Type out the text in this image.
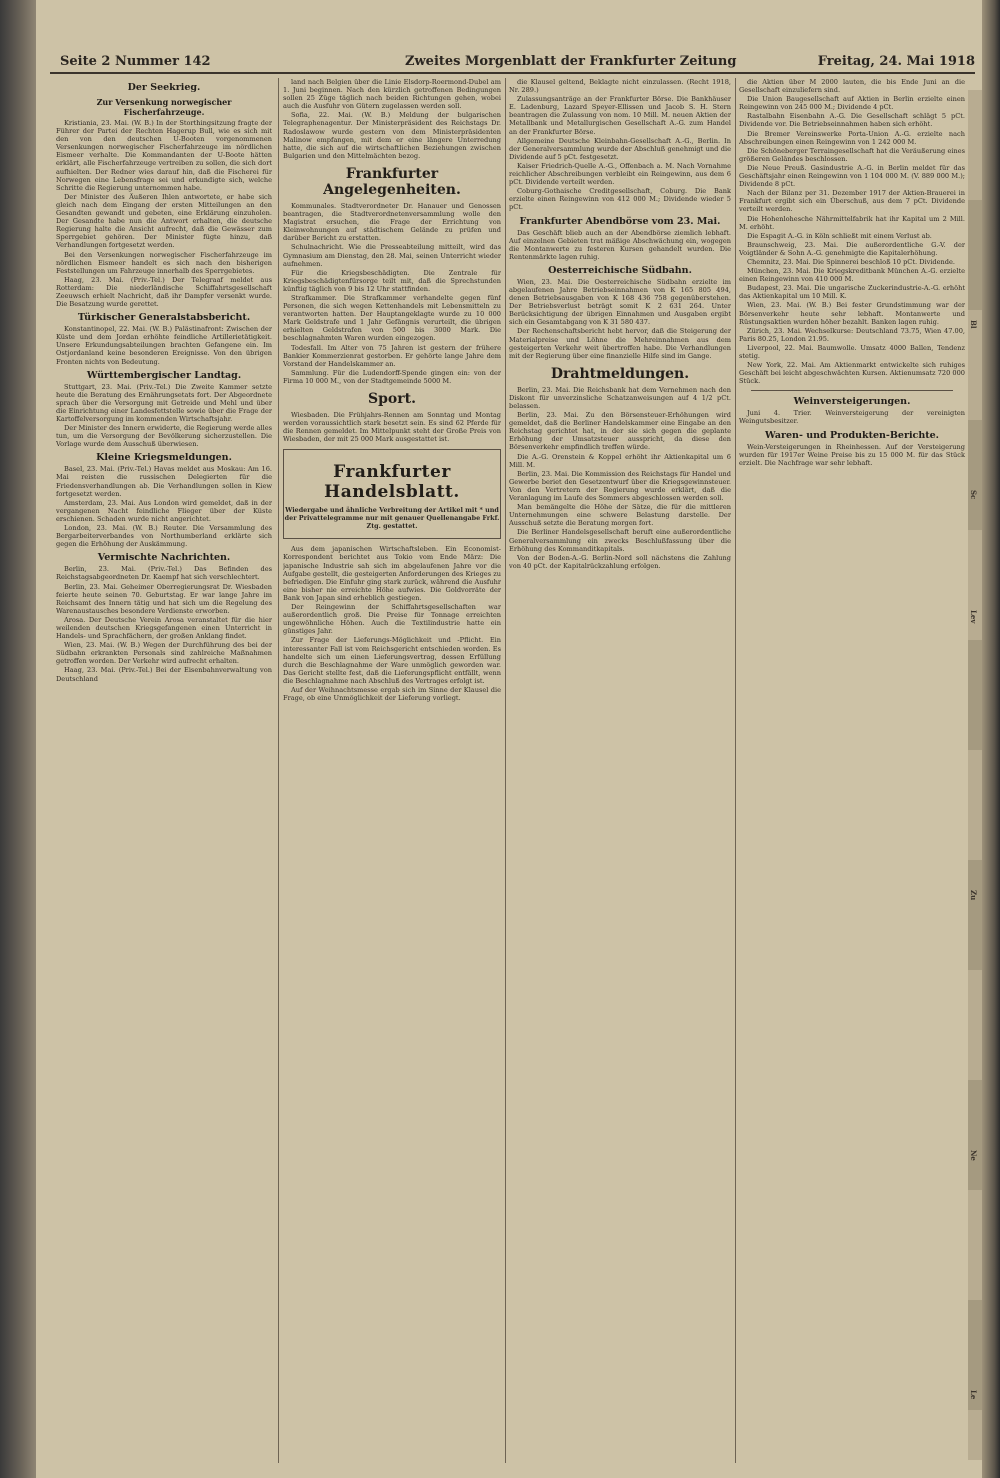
Seite 2 Nummer 142	Zweites Morgenblatt der Frankfurter Zeitung	Freitag, 24. Mai 1918
Der Seekrieg.
Zur Versenkung norwegischer Fischerfahrzeuge.

Kristiania, 23. Mai. (W. B.) In der Storthingsitzung fragte der Führer der Partei der Rechten Hagerup Bull, wie es sich mit den von den deutschen U-Booten vorgenommenen Versenkungen norwegischer Fischerfahrzeuge im nördlichen Eismeer verhalte. Die Kommandanten der U-Boote hätten erklärt, alle Fischerfahrzeuge vertreiben zu sollen, die sich dort aufhielten. Der Redner wies darauf hin, daß die Fischerei für Norwegen eine Lebensfrage sei und erkundigte sich, welche Schritte die Regierung unternommen habe.

Der Minister des Äußeren Ihlen antwortete, er habe sich gleich nach dem Eingang der ersten Mitteilungen an den Gesandten gewandt und gebeten, eine Erklärung einzuholen. Der Gesandte habe nun die Antwort erhalten, die deutsche Regierung halte die Ansicht aufrecht, daß die Gewässer zum Sperrgebiet gehören. Der Minister fügte hinzu, daß Verhandlungen fortgesetzt werden.

Bei den Versenkungen norwegischer Fischerfahrzeuge im nördlichen Eismeer handelt es sich nach den bisherigen Feststellungen um Fahrzeuge innerhalb des Sperrgebietes.

Haag, 23. Mai. (Priv.-Tel.) Der Telegraaf meldet aus Rotterdam: Die niederländische Schiffahrtsgesellschaft Zeeuwsch erhielt Nachricht, daß ihr Dampfer versenkt wurde. Die Besatzung wurde gerettet.

Türkischer Generalstabsbericht.

Konstantinopel, 22. Mai. (W. B.) Palästinafront: Zwischen der Küste und dem Jordan erhöhte feindliche Artillerietätigkeit. Unsere Erkundungsabteilungen brachten Gefangene ein. Im Ostjordanland keine besonderen Ereignisse. Von den übrigen Fronten nichts von Bedeutung.

Württembergischer Landtag.

Stuttgart, 23. Mai. (Priv.-Tel.) Die Zweite Kammer setzte heute die Beratung des Ernährungsetats fort. Der Abgeordnete sprach über die Versorgung mit Getreide und Mehl und über die Einrichtung einer Landesfettstelle sowie über die Frage der Kartoffelversorgung im kommenden Wirtschaftsjahr.

Der Minister des Innern erwiderte, die Regierung werde alles tun, um die Versorgung der Bevölkerung sicherzustellen. Die Vorlage wurde dem Ausschuß überwiesen.

Kleine Kriegsmeldungen.

Basel, 23. Mai. (Priv.-Tel.) Havas meldet aus Moskau: Am 16. Mai reisten die russischen Delegierten für die Friedensverhandlungen ab. Die Verhandlungen sollen in Kiew fortgesetzt werden.

Amsterdam, 23. Mai. Aus London wird gemeldet, daß in der vergangenen Nacht feindliche Flieger über der Küste erschienen. Schaden wurde nicht angerichtet.

London, 23. Mai. (W. B.) Reuter. Die Versammlung des Bergarbeiterverbandes von Northumberland erklärte sich gegen die Erhöhung der Auskämmung.

Vermischte Nachrichten.

Berlin, 23. Mai. (Priv.-Tel.) Das Befinden des Reichstagsabgeordneten Dr. Kaempf hat sich verschlechtert.

Berlin, 23. Mai. Geheimer Oberregierungsrat Dr. Wiesbaden feierte heute seinen 70. Geburtstag. Er war lange Jahre im Reichsamt des Innern tätig und hat sich um die Regelung des Warenaustausches besondere Verdienste erworben.

Arosa. Der Deutsche Verein Arosa veranstaltet für die hier weilenden deutschen Kriegsgefangenen einen Unterricht in Handels- und Sprachfächern, der großen Anklang findet.

Wien, 23. Mai. (W. B.) Wegen der Durchführung des bei der Südbahn erkrankten Personals sind zahlreiche Maßnahmen getroffen worden. Der Verkehr wird aufrecht erhalten.

Haag, 23. Mai. (Priv.-Tel.) Bei der Eisenbahnverwaltung von Deutschland

land nach Belgien über die Linie Elsdorp-Roermond-Dubel am 1. Juni beginnen. Nach den kürzlich getroffenen Bedingungen sollen 25 Züge täglich nach beiden Richtungen gehen, wobei auch die Ausfuhr von Gütern zugelassen werden soll.

Sofia, 22. Mai. (W. B.) Meldung der bulgarischen Telegraphenagentur. Der Ministerpräsident des Reichstags Dr. Radoslawow wurde gestern von dem Ministerpräsidenten Malinow empfangen, mit dem er eine längere Unterredung hatte, die sich auf die wirtschaftlichen Beziehungen zwischen Bulgarien und den Mittelmächten bezog.

Frankfurter Angelegenheiten.

Kommunales. Stadtverordneter Dr. Hanauer und Genossen beantragen, die Stadtverordnetenversammlung wolle den Magistrat ersuchen, die Frage der Errichtung von Kleinwohnungen auf städtischem Gelände zu prüfen und darüber Bericht zu erstatten.

Schulnachricht. Wie die Presseabteilung mitteilt, wird das Gymnasium am Dienstag, den 28. Mai, seinen Unterricht wieder aufnehmen.

Für die Kriegsbeschädigten. Die Zentrale für Kriegsbeschädigtenfürsorge teilt mit, daß die Sprechstunden künftig täglich von 9 bis 12 Uhr stattfinden.

Strafkammer. Die Strafkammer verhandelte gegen fünf Personen, die sich wegen Kettenhandels mit Lebensmitteln zu verantworten hatten. Der Hauptangeklagte wurde zu 10 000 Mark Geldstrafe und 1 Jahr Gefängnis verurteilt, die übrigen erhielten Geldstrafen von 500 bis 3000 Mark. Die beschlagnahmten Waren wurden eingezogen.

Todesfall. Im Alter von 75 Jahren ist gestern der frühere Bankier Kommerzienrat gestorben. Er gehörte lange Jahre dem Vorstand der Handelskammer an.

Sammlung. Für die Ludendorff-Spende gingen ein: von der Firma 10 000 M., von der Stadtgemeinde 5000 M.

Sport.

Wiesbaden. Die Frühjahrs-Rennen am Sonntag und Montag werden voraussichtlich stark besetzt sein. Es sind 62 Pferde für die Rennen gemeldet. Im Mittelpunkt steht der Große Preis von Wiesbaden, der mit 25 000 Mark ausgestattet ist.

Frankfurter Handelsblatt.
Wiedergabe und ähnliche Verbreitung der Artikel mit * und der Privattelegramme nur mit genauer Quellenangabe Frkf. Ztg. gestattet.

Aus dem japanischen Wirtschaftsleben. Ein Economist-Korrespondent berichtet aus Tokio vom Ende März: Die japanische Industrie sah sich im abgelaufenen Jahre vor die Aufgabe gestellt, die gesteigerten Anforderungen des Krieges zu befriedigen. Die Einfuhr ging stark zurück, während die Ausfuhr eine bisher nie erreichte Höhe aufwies. Die Goldvorräte der Bank von Japan sind erheblich gestiegen.

Der Reingewinn der Schiffahrtsgesellschaften war außerordentlich groß. Die Preise für Tonnage erreichten ungewöhnliche Höhen. Auch die Textilindustrie hatte ein günstiges Jahr.

Zur Frage der Lieferungs-Möglichkeit und -Pflicht. Ein interessanter Fall ist vom Reichsgericht entschieden worden. Es handelte sich um einen Lieferungsvertrag, dessen Erfüllung durch die Beschlagnahme der Ware unmöglich geworden war. Das Gericht stellte fest, daß die Lieferungspflicht entfällt, wenn die Beschlagnahme nach Abschluß des Vertrages erfolgt ist.

Auf der Weihnachtsmesse ergab sich im Sinne der Klausel die Frage, ob eine Unmöglichkeit der Lieferung vorliegt.

die Klausel geltend, Beklagte nicht einzulassen. (Recht 1918, Nr. 289.)

Zulassungsanträge an der Frankfurter Börse. Die Bankhäuser E. Ladenburg, Lazard Speyer-Ellissen und Jacob S. H. Stern beantragen die Zulassung von nom. 10 Mill. M. neuen Aktien der Metallbank und Metallurgischen Gesellschaft A.-G. zum Handel an der Frankfurter Börse.

Allgemeine Deutsche Kleinbahn-Gesellschaft A.-G., Berlin. In der Generalversammlung wurde der Abschluß genehmigt und die Dividende auf 5 pCt. festgesetzt.

Kaiser Friedrich-Quelle A.-G., Offenbach a. M. Nach Vornahme reichlicher Abschreibungen verbleibt ein Reingewinn, aus dem 6 pCt. Dividende verteilt werden.

Coburg-Gothaische Creditgesellschaft, Coburg. Die Bank erzielte einen Reingewinn von 412 000 M.; Dividende wieder 5 pCt.

Frankfurter Abendbörse vom 23. Mai.

Das Geschäft blieb auch an der Abendbörse ziemlich lebhaft. Auf einzelnen Gebieten trat mäßige Abschwächung ein, wogegen die Montanwerte zu festeren Kursen gehandelt wurden. Die Rentenmärkte lagen ruhig.

Oesterreichische Südbahn.

Wien, 23. Mai. Die Oesterreichische Südbahn erzielte im abgelaufenen Jahre Betriebseinnahmen von K 165 805 494, denen Betriebsausgaben von K 168 436 758 gegenüberstehen. Der Betriebsverlust beträgt somit K 2 631 264. Unter Berücksichtigung der übrigen Einnahmen und Ausgaben ergibt sich ein Gesamtabgang von K 31 580 437.

Der Rechenschaftsbericht hebt hervor, daß die Steigerung der Materialpreise und Löhne die Mehreinnahmen aus dem gesteigerten Verkehr weit übertroffen habe. Die Verhandlungen mit der Regierung über eine finanzielle Hilfe sind im Gange.

Drahtmeldungen.

Berlin, 23. Mai. Die Reichsbank hat dem Vernehmen nach den Diskont für unverzinsliche Schatzanweisungen auf 4 1/2 pCt. belassen.

Berlin, 23. Mai. Zu den Börsensteuer-Erhöhungen wird gemeldet, daß die Berliner Handelskammer eine Eingabe an den Reichstag gerichtet hat, in der sie sich gegen die geplante Erhöhung der Umsatzsteuer ausspricht, da diese den Börsenverkehr empfindlich treffen würde.

Die A.-G. Orenstein & Koppel erhöht ihr Aktienkapital um 6 Mill. M.

Berlin, 23. Mai. Die Kommission des Reichstags für Handel und Gewerbe beriet den Gesetzentwurf über die Kriegsgewinnsteuer. Von den Vertretern der Regierung wurde erklärt, daß die Veranlagung im Laufe des Sommers abgeschlossen werden soll.

Man bemängelte die Höhe der Sätze, die für die mittleren Unternehmungen eine schwere Belastung darstelle. Der Ausschuß setzte die Beratung morgen fort.

Die Berliner Handelsgesellschaft beruft eine außerordentliche Generalversammlung ein zwecks Beschlußfassung über die Erhöhung des Kommanditkapitals.

Von der Boden-A.-G. Berlin-Nord soll nächstens die Zahlung von 40 pCt. der Kapitalrückzahlung erfolgen.

die Aktien über M 2000 lauten, die bis Ende Juni an die Gesellschaft einzuliefern sind.

Die Union Baugesellschaft auf Aktien in Berlin erzielte einen Reingewinn von 245 000 M.; Dividende 4 pCt.

Rastalbahn Eisenbahn A.-G. Die Gesellschaft schlägt 5 pCt. Dividende vor. Die Betriebseinnahmen haben sich erhöht.

Die Bremer Vereinswerke Porta-Union A.-G. erzielte nach Abschreibungen einen Reingewinn von 1 242 000 M.

Die Schöneberger Terraingesellschaft hat die Veräußerung eines größeren Geländes beschlossen.

Die Neue Preuß. Gasindustrie A.-G. in Berlin meldet für das Geschäftsjahr einen Reingewinn von 1 104 000 M. (V. 889 000 M.); Dividende 8 pCt.

Nach der Bilanz per 31. Dezember 1917 der Aktien-Brauerei in Frankfurt ergibt sich ein Überschuß, aus dem 7 pCt. Dividende verteilt werden.

Die Hohenlohesche Nährmittelfabrik hat ihr Kapital um 2 Mill. M. erhöht.

Die Espagit A.-G. in Köln schließt mit einem Verlust ab.

Braunschweig, 23. Mai. Die außerordentliche G.-V. der Voigtländer & Sohn A.-G. genehmigte die Kapitalerhöhung.

Chemnitz, 23. Mai. Die Spinnerei beschloß 10 pCt. Dividende.

München, 23. Mai. Die Kriegskreditbank München A.-G. erzielte einen Reingewinn von 410 000 M.

Budapest, 23. Mai. Die ungarische Zuckerindustrie-A.-G. erhöht das Aktienkapital um 10 Mill. K.

Wien, 23. Mai. (W. B.) Bei fester Grundstimmung war der Börsenverkehr heute sehr lebhaft. Montanwerte und Rüstungsaktien wurden höher bezahlt. Banken lagen ruhig.

Zürich, 23. Mai. Wechselkurse: Deutschland 73.75, Wien 47.00, Paris 80.25, London 21.95.

Liverpool, 22. Mai. Baumwolle. Umsatz 4000 Ballen, Tendenz stetig.

New York, 22. Mai. Am Aktienmarkt entwickelte sich ruhiges Geschäft bei leicht abgeschwächten Kursen. Aktienumsatz 720 000 Stück.

Weinversteigerungen.

Juni 4. Trier. Weinversteigerung der vereinigten Weingutsbesitzer.

Waren- und Produkten-Berichte.

Wein-Versteigerungen in Rheinhessen. Auf der Versteigerung wurden für 1917er Weine Preise bis zu 15 000 M. für das Stück erzielt. Die Nachfrage war sehr lebhaft.

Bl
Sc
Lev
Zu
Ne
Le
